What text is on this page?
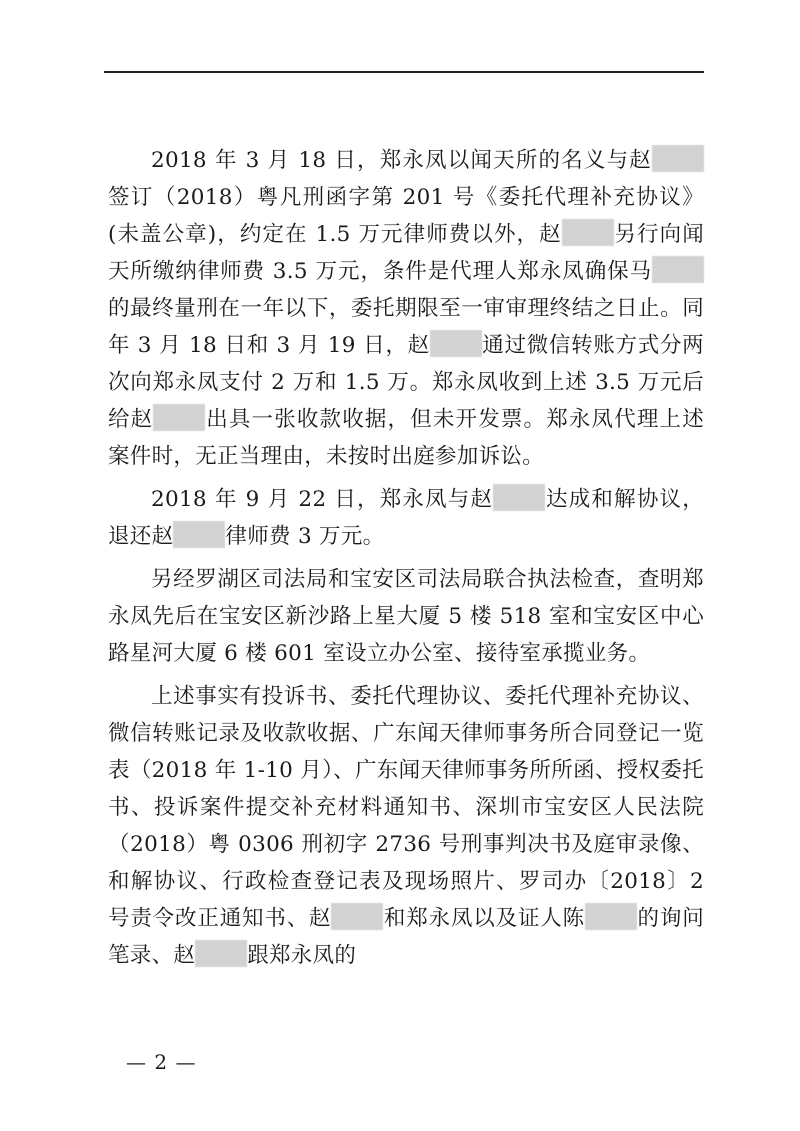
2018 年 3 月 18 日，郑永凤以闻天所的名义与赵签订（2018）粤凡刑函字第 201 号《委托代理补充协议》(未盖公章)，约定在 1.5 万元律师费以外，赵 另行向闻天所缴纳律师费 3.5 万元，条件是代理人郑永凤确保马的最终量刑在一年以下，委托期限至一审审理终结之日止。同年 3 月 18 日和 3 月 19 日，赵 通过微信转账方式分两次向郑永凤支付 2 万和 1.5 万。郑永凤收到上述 3.5 万元后给赵 出具一张收款收据，但未开发票。郑永凤代理上述案件时，无正当理由，未按时出庭参加诉讼。

2018 年 9 月 22 日，郑永凤与赵 达成和解协议，退还赵 律师费 3 万元。

另经罗湖区司法局和宝安区司法局联合执法检查，查明郑永凤先后在宝安区新沙路上星大厦 5 楼 518 室和宝安区中心路星河大厦 6 楼 601 室设立办公室、接待室承揽业务。

上述事实有投诉书、委托代理协议、委托代理补充协议、微信转账记录及收款收据、广东闻天律师事务所合同登记一览表（2018 年 1-10 月）、广东闻天律师事务所所函、授权委托书、投诉案件提交补充材料通知书、深圳市宝安区人民法院（2018）粤 0306 刑初字 2736 号刑事判决书及庭审录像、和解协议、行政检查登记表及现场照片、罗司办〔2018〕2 号责令改正通知书、赵 和郑永凤以及证人陈 的询问笔录、赵 跟郑永凤的

— 2 —
